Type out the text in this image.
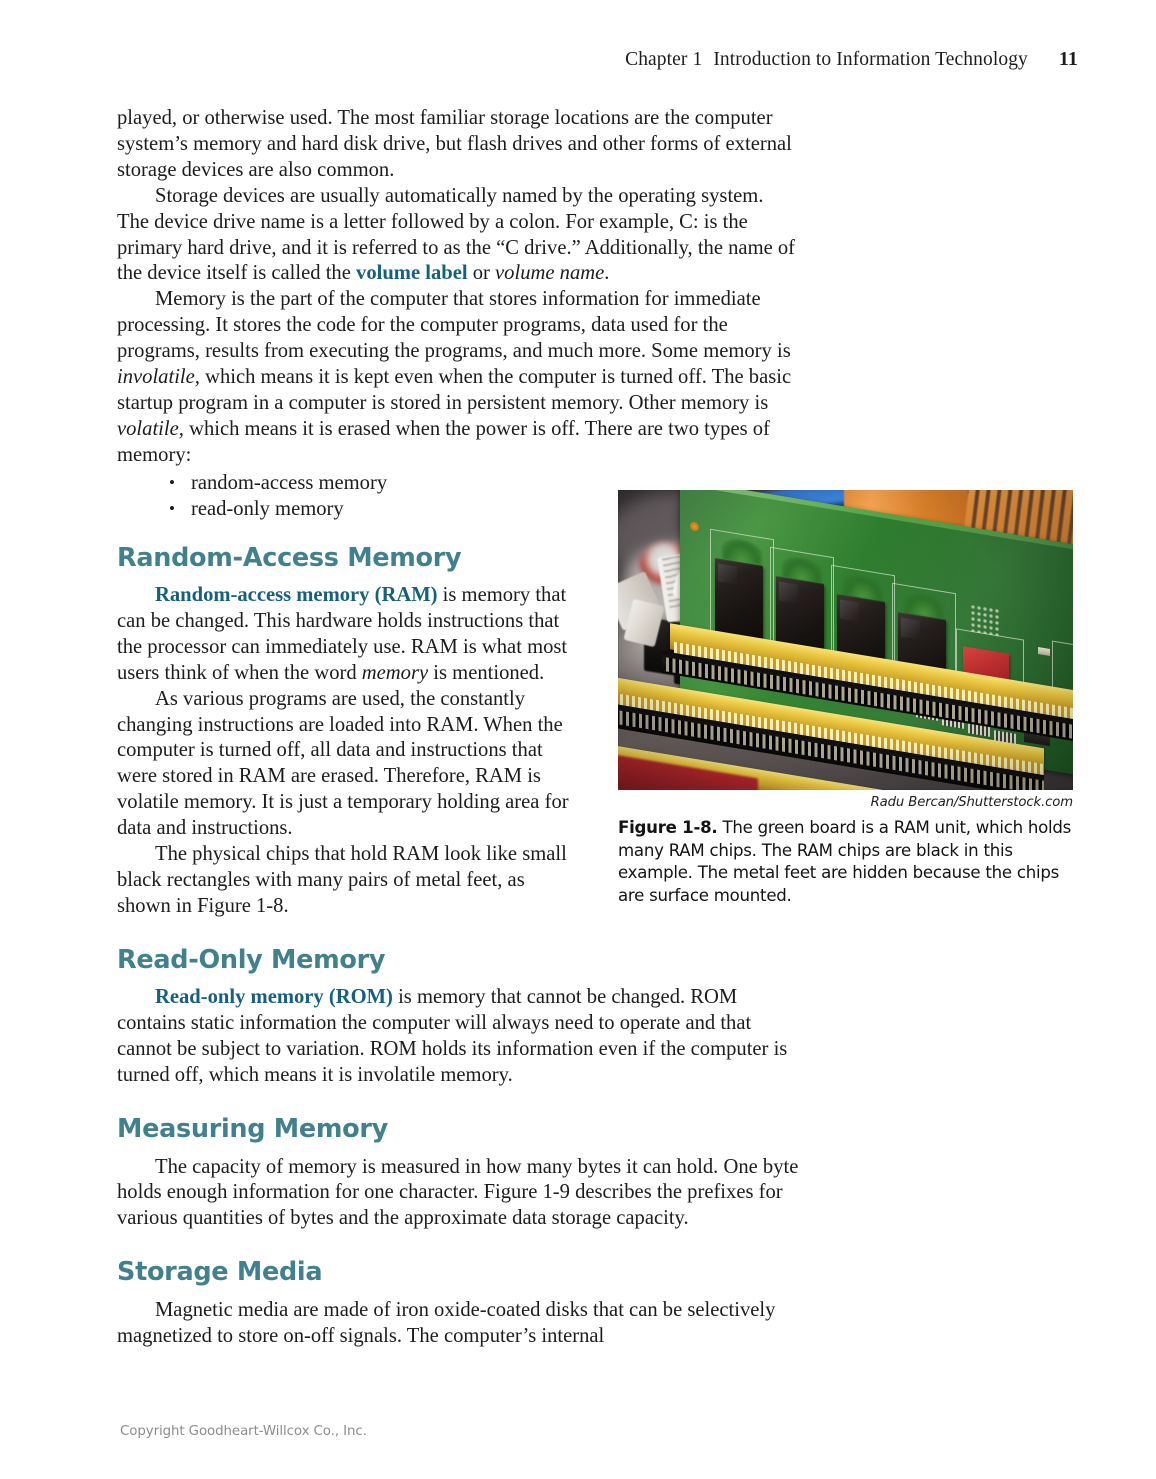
Chapter 1 Introduction to Information Technology 11

played, or otherwise used. The most familiar storage locations are the computer system’s memory and hard disk drive, but flash drives and other forms of external storage devices are also common.

Storage devices are usually automatically named by the operating system. The device drive name is a letter followed by a colon. For example, C: is the primary hard drive, and it is referred to as the “C drive.” Additionally, the name of the device itself is called the volume label or volume name.

Memory is the part of the computer that stores information for immediate processing. It stores the code for the computer programs, data used for the programs, results from executing the programs, and much more. Some memory is involatile, which means it is kept even when the computer is turned off. The basic startup program in a computer is stored in persistent memory. Other memory is volatile, which means it is erased when the power is off. There are two types of memory:

• random-access memory
• read-only memory
Random-Access Memory

Random-access memory (RAM) is memory that can be changed. This hardware holds instructions that the processor can immediately use. RAM is what most users think of when the word memory is mentioned.

As various programs are used, the constantly changing instructions are loaded into RAM. When the computer is turned off, all data and instructions that were stored in RAM are erased. Therefore, RAM is volatile memory. It is just a temporary holding area for data and instructions.

The physical chips that hold RAM look like small black rectangles with many pairs of metal feet, as shown in Figure 1-8.

Read-Only Memory

Read-only memory (ROM) is memory that cannot be changed. ROM contains static information the computer will always need to operate and that cannot be subject to variation. ROM holds its information even if the computer is turned off, which means it is involatile memory.

Measuring Memory

The capacity of memory is measured in how many bytes it can hold. One byte holds enough information for one character. Figure 1-9 describes the prefixes for various quantities of bytes and the approximate data storage capacity.

Storage Media

Magnetic media are made of iron oxide-coated disks that can be selectively magnetized to store on-off signals. The computer’s internal

Radu Bercan/Shutterstock.com
Figure 1-8. The green board is a RAM unit, which holds many RAM chips. The RAM chips are black in this example. The metal feet are hidden because the chips are surface mounted.
Copyright Goodheart-Willcox Co., Inc.
